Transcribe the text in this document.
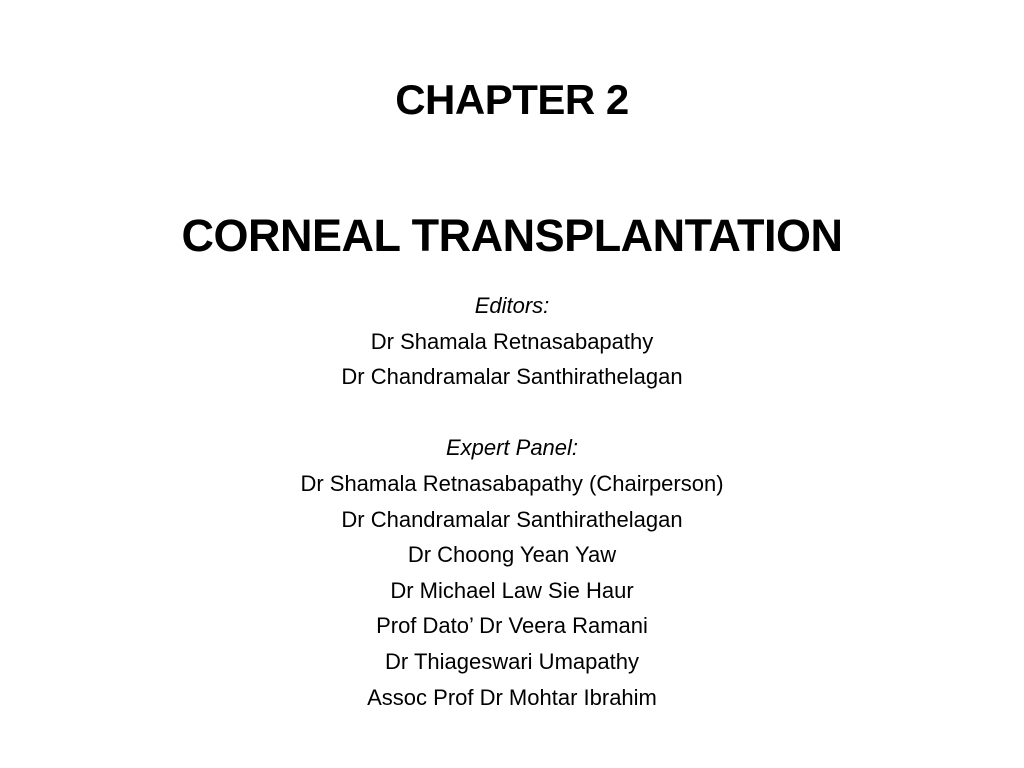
CHAPTER 2
CORNEAL TRANSPLANTATION
Editors:
Dr Shamala Retnasabapathy
Dr Chandramalar Santhirathelagan
Expert Panel:
Dr Shamala Retnasabapathy (Chairperson)
Dr Chandramalar Santhirathelagan
Dr Choong Yean Yaw
Dr Michael Law Sie Haur
Prof Dato’ Dr Veera Ramani
Dr Thiageswari Umapathy
Assoc Prof Dr Mohtar Ibrahim
